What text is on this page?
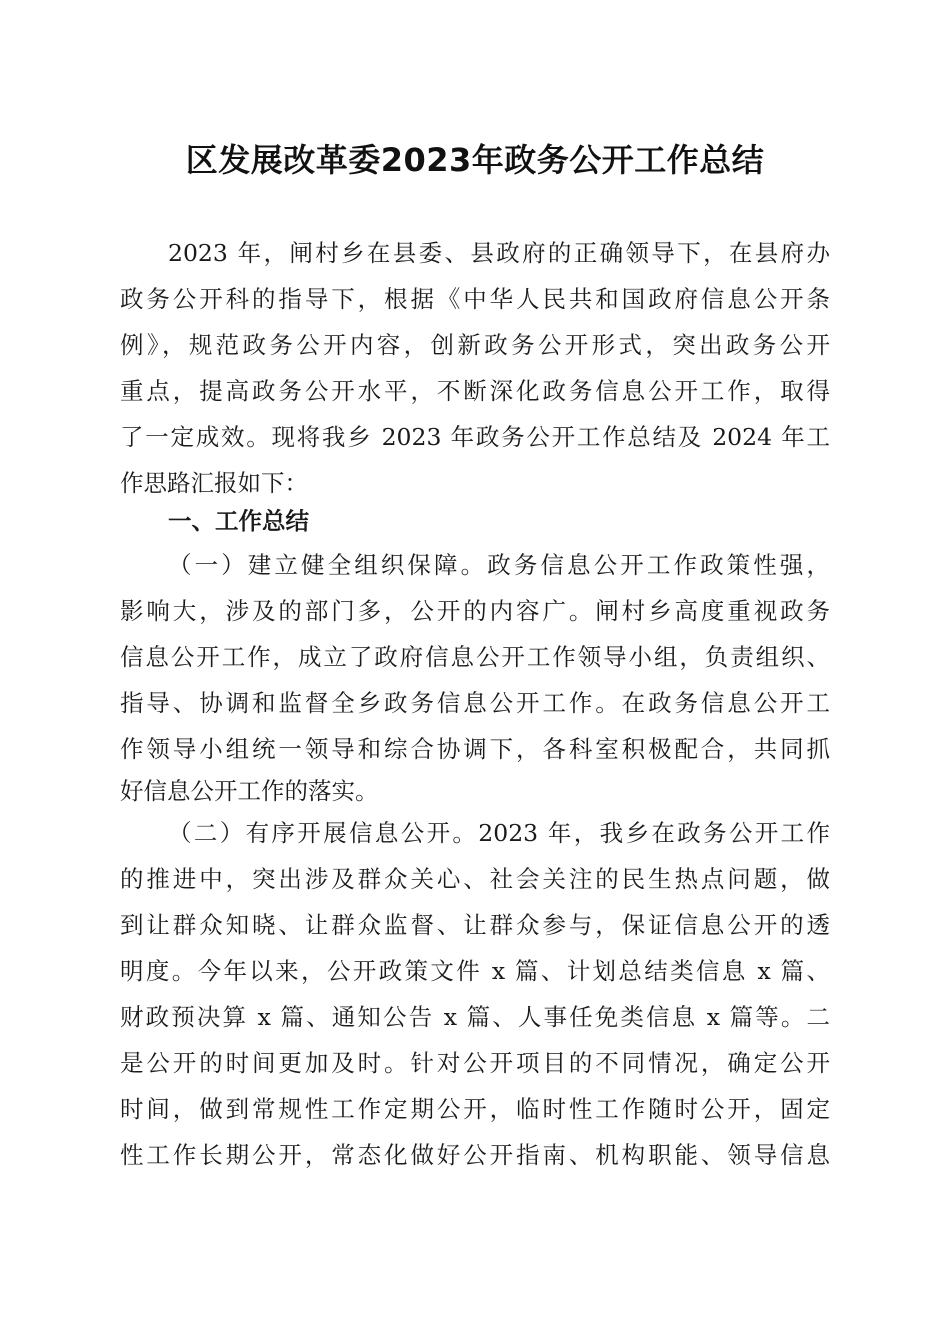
区发展改革委2023年政务公开工作总结
2023 年，闸村乡在县委、县政府的正确领导下，在县府办
政务公开科的指导下，根据《中华人民共和国政府信息公开条
例》，规范政务公开内容，创新政务公开形式，突出政务公开
重点，提高政务公开水平，不断深化政务信息公开工作，取得
了一定成效。现将我乡 2023 年政务公开工作总结及 2024 年工
作思路汇报如下：
一、工作总结
（一）建立健全组织保障。政务信息公开工作政策性强，
影响大，涉及的部门多，公开的内容广。闸村乡高度重视政务
信息公开工作，成立了政府信息公开工作领导小组，负责组织、
指导、协调和监督全乡政务信息公开工作。在政务信息公开工
作领导小组统一领导和综合协调下，各科室积极配合，共同抓
好信息公开工作的落实。
（二）有序开展信息公开。2023 年，我乡在政务公开工作
的推进中，突出涉及群众关心、社会关注的民生热点问题，做
到让群众知晓、让群众监督、让群众参与，保证信息公开的透
明度。今年以来，公开政策文件 x 篇、计划总结类信息 x 篇、
财政预决算 x 篇、通知公告 x 篇、人事任免类信息 x 篇等。二
是公开的时间更加及时。针对公开项目的不同情况，确定公开
时间，做到常规性工作定期公开，临时性工作随时公开，固定
性工作长期公开，常态化做好公开指南、机构职能、领导信息
